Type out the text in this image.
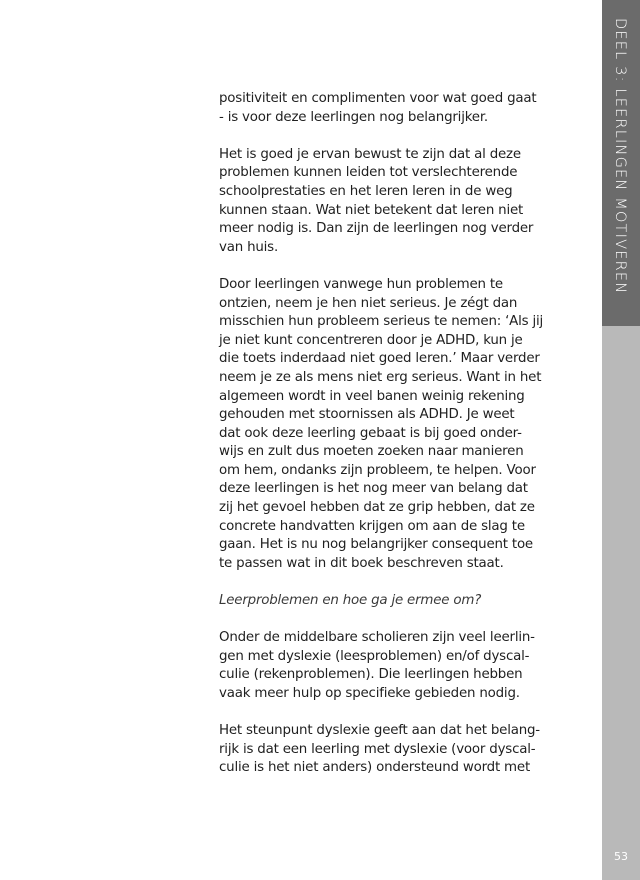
positiviteit en complimenten voor wat goed gaat
- is voor deze leerlingen nog belangrijker.

Het is goed je ervan bewust te zijn dat al deze
problemen kunnen leiden tot verslechterende
schoolprestaties en het leren leren in de weg
kunnen staan. Wat niet betekent dat leren niet
meer nodig is. Dan zijn de leerlingen nog verder
van huis.

Door leerlingen vanwege hun problemen te
ontzien, neem je hen niet serieus. Je zégt dan
misschien hun probleem serieus te nemen: ‘Als jij
je niet kunt concentreren door je ADHD, kun je
die toets inderdaad niet goed leren.’ Maar verder
neem je ze als mens niet erg serieus. Want in het
algemeen wordt in veel banen weinig rekening
gehouden met stoornissen als ADHD. Je weet
dat ook deze leerling gebaat is bij goed onder-
wijs en zult dus moeten zoeken naar manieren
om hem, ondanks zijn probleem, te helpen. Voor
deze leerlingen is het nog meer van belang dat
zij het gevoel hebben dat ze grip hebben, dat ze
concrete handvatten krijgen om aan de slag te
gaan. Het is nu nog belangrijker consequent toe
te passen wat in dit boek beschreven staat.

Leerproblemen en hoe ga je ermee om?

Onder de middelbare scholieren zijn veel leerlin-
gen met dyslexie (leesproblemen) en/of dyscal-
culie (rekenproblemen). Die leerlingen hebben
vaak meer hulp op specifieke gebieden nodig.

Het steunpunt dyslexie geeft aan dat het belang-
rijk is dat een leerling met dyslexie (voor dyscal-
culie is het niet anders) ondersteund wordt met

DEEL 3: LEERLINGEN MOTIVEREN
53
